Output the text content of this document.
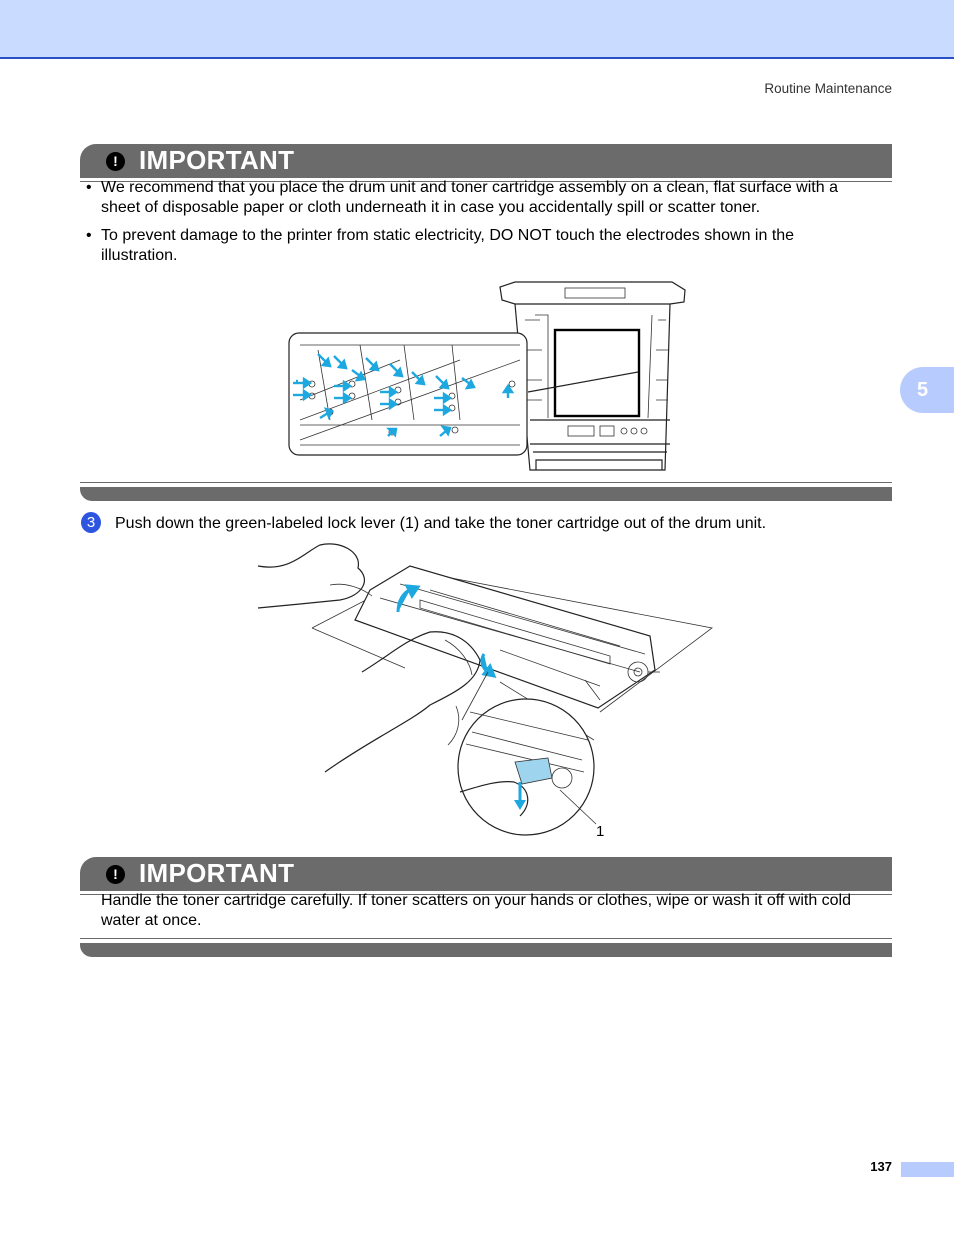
Routine Maintenance
5
! IMPORTANT
• We recommend that you place the drum unit and toner cartridge assembly on a clean, flat surface with a
sheet of disposable paper or cloth underneath it in case you accidentally spill or scatter toner.
• To prevent damage to the printer from static electricity, DO NOT touch the electrodes shown in the
illustration.
3	Push down the green-labeled lock lever (1) and take the toner cartridge out of the drum unit.
1
! IMPORTANT
Handle the toner cartridge carefully. If toner scatters on your hands or clothes, wipe or wash it off with cold
water at once.
137
